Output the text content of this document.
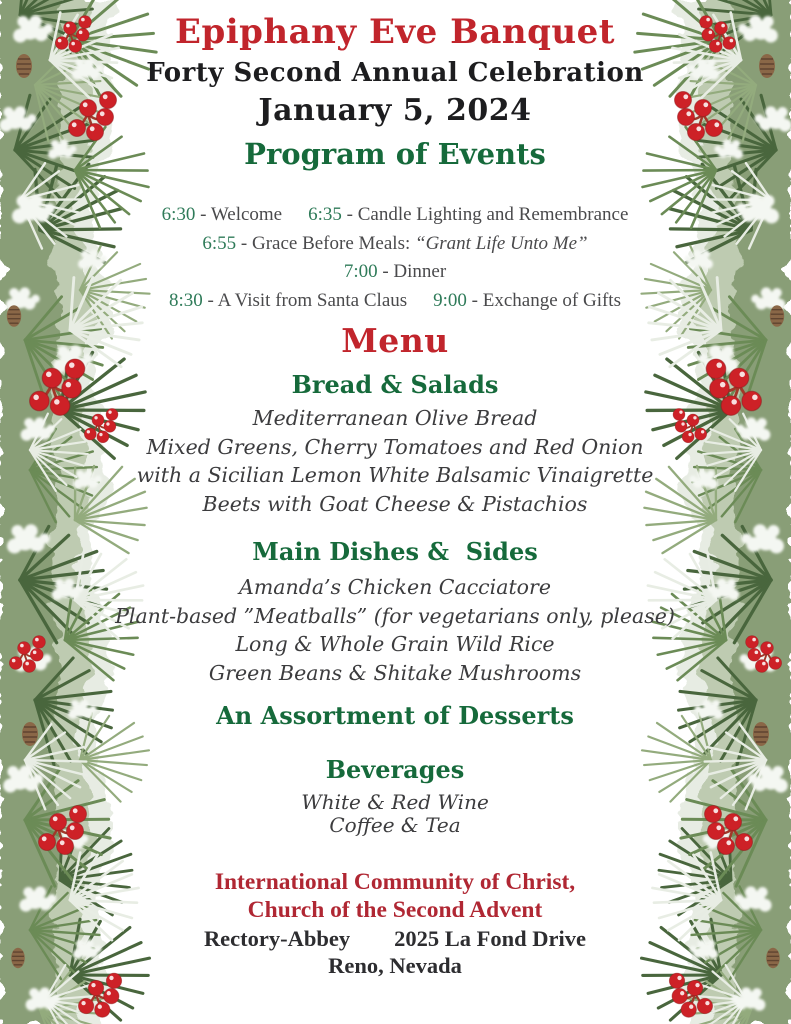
Epiphany Eve Banquet
Forty Second Annual Celebration
January 5, 2024
Program of Events
6:30 - Welcome 6:35 - Candle Lighting and Remembrance
6:55 - Grace Before Meals: “Grant Life Unto Me”
7:00 - Dinner
8:30 - A Visit from Santa Claus 9:00 - Exchange of Gifts
Menu
Bread & Salads
Mediterranean Olive Bread
Mixed Greens, Cherry Tomatoes and Red Onion
with a Sicilian Lemon White Balsamic Vinaigrette
Beets with Goat Cheese & Pistachios
Main Dishes &  Sides
Amanda’s Chicken Cacciatore
Plant-based ”Meatballs” (for vegetarians only, please)
Long & Whole Grain Wild Rice
Green Beans & Shitake Mushrooms
An Assortment of Desserts
Beverages
White & Red Wine
Coffee & Tea
International Community of Christ,
Church of the Second Advent
Rectory-Abbey 2025 La Fond Drive
Reno, Nevada
